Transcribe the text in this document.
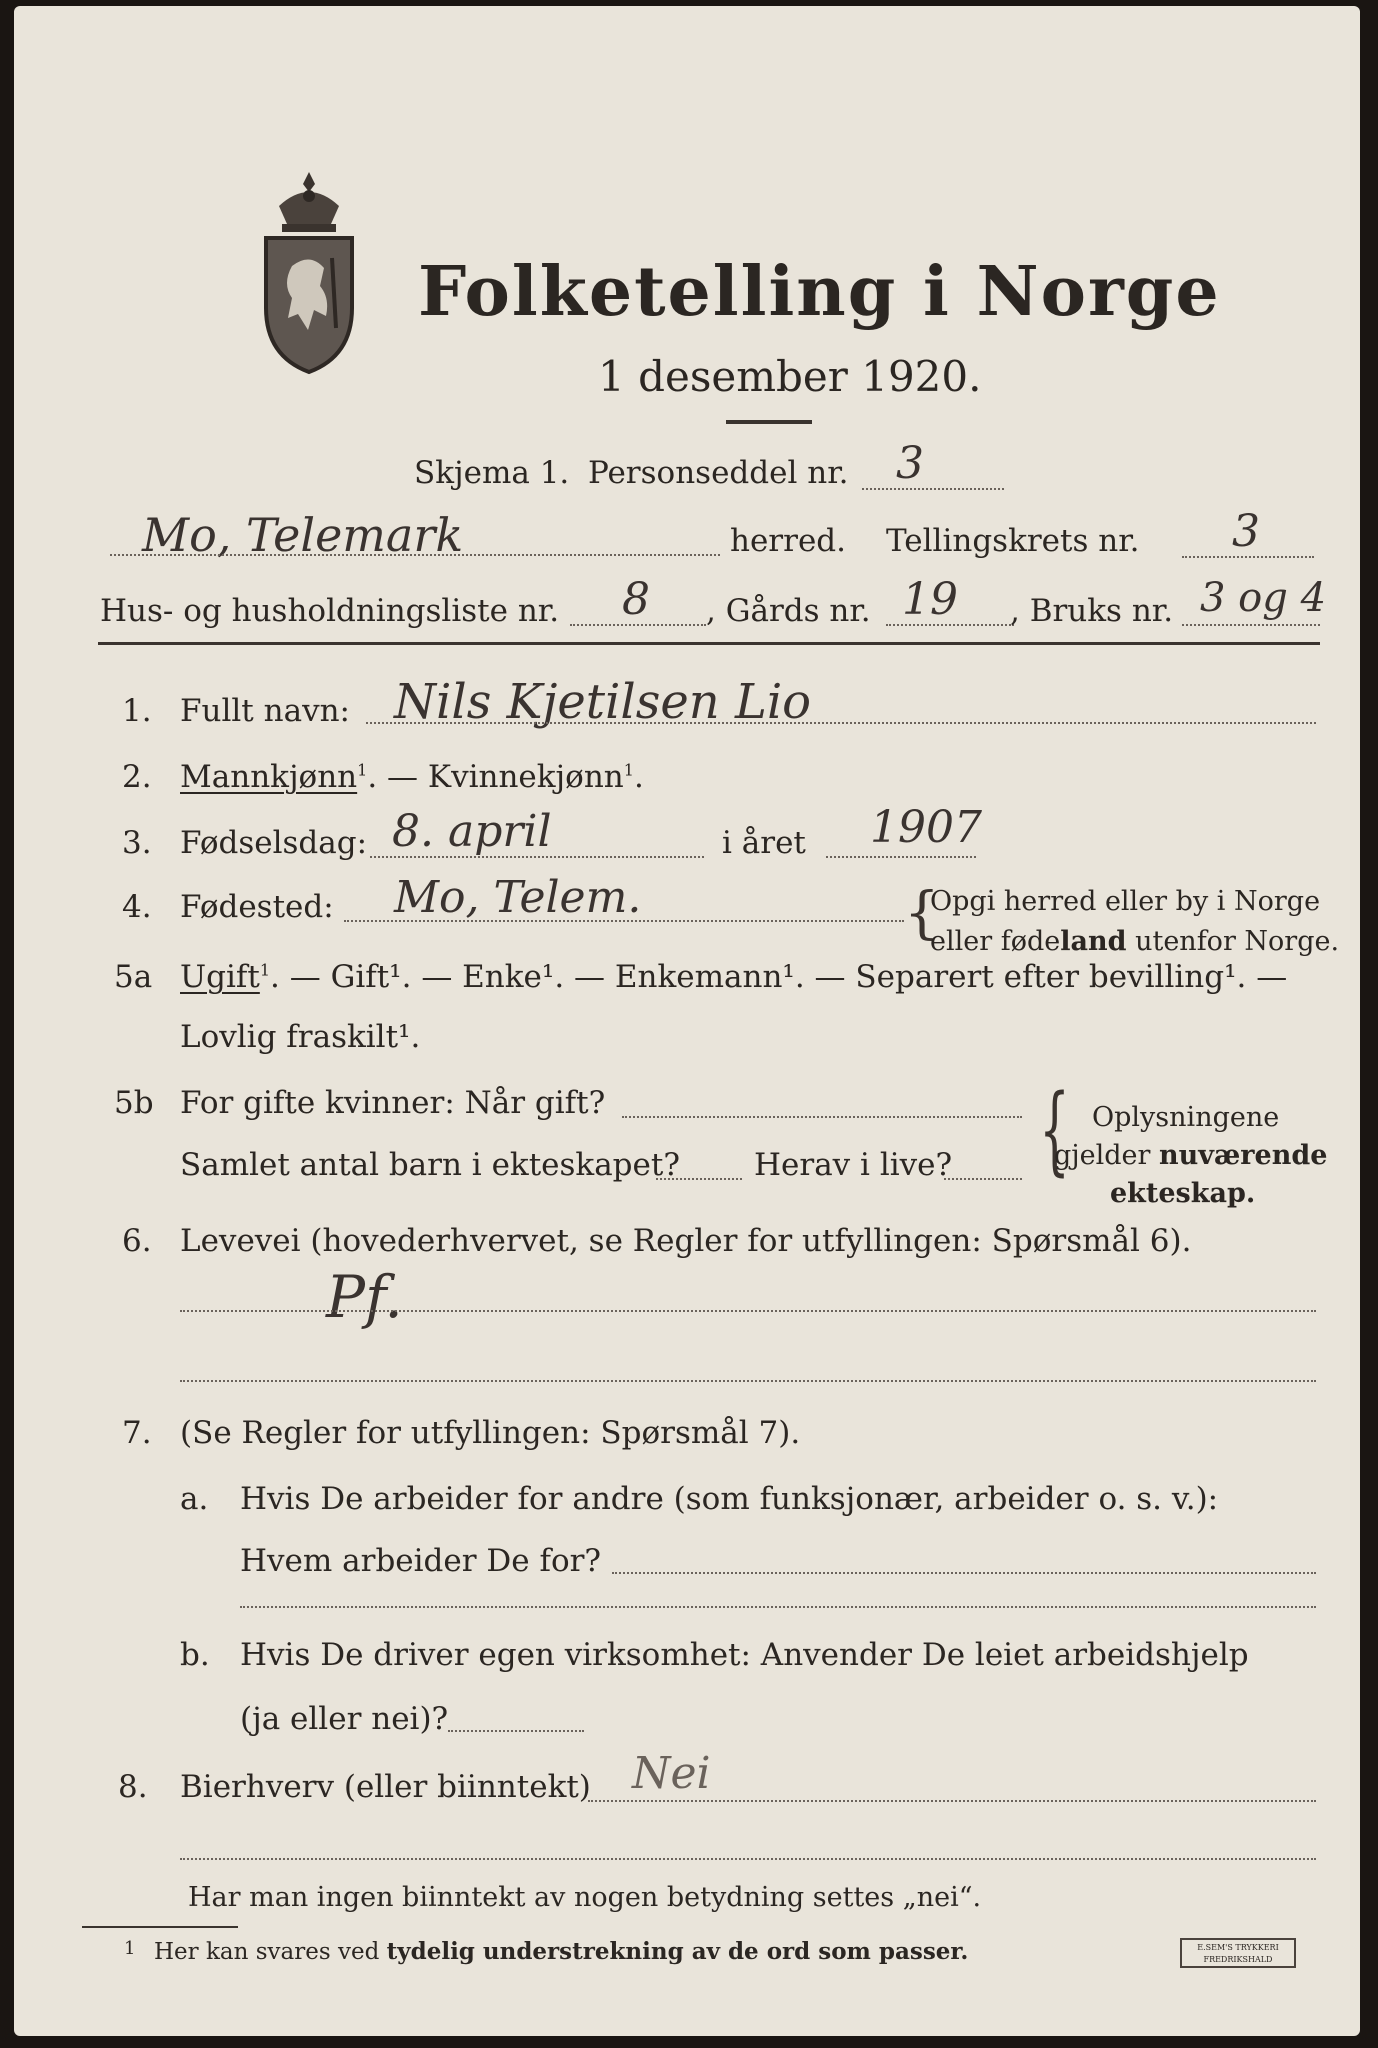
Folketelling i Norge
1 desember 1920.
Skjema 1. Personseddel nr. 3
Mo, Telemark	herred. Tellingskrets nr. 3
Hus- og husholdningsliste nr. 8 , Gårds nr. 19 , Bruks nr. 3 og 4
1. Fullt navn: Nils Kjetilsen Lio
2. Mannkjønn$^1$. — Kvinnekjønn$^1$.
3. Fødselsdag: 8. april	i året 1907
4. Fødested: Mo, Telem.	{
Opgi herred eller by i Norge
eller fødeland utenfor Norge.
5a Ugift$^1$. — Gift¹. — Enke¹. — Enkemann¹. — Separert efter bevilling¹. —
Lovlig fraskilt¹.
5b For gifte kvinner: Når gift?
Samlet antal barn i ekteskapet? Herav i live? { Oplysningene
gjelder nuværende
ekteskap.
6. Levevei (hovederhvervet, se Regler for utfyllingen: Spørsmål 6).
Pf.
7. (Se Regler for utfyllingen: Spørsmål 7).
a. Hvis De arbeider for andre (som funksjonær, arbeider o. s. v.):
Hvem arbeider De for?
b. Hvis De driver egen virksomhet: Anvender De leiet arbeidshjelp
(ja eller nei)?
8. Bierhverv (eller biinntekt) Nei
Har man ingen biinntekt av nogen betydning settes „nei“.
1 Her kan svares ved tydelig understrekning av de ord som passer.	E.SEM'S TRYKKERI FREDRIKSHALD
